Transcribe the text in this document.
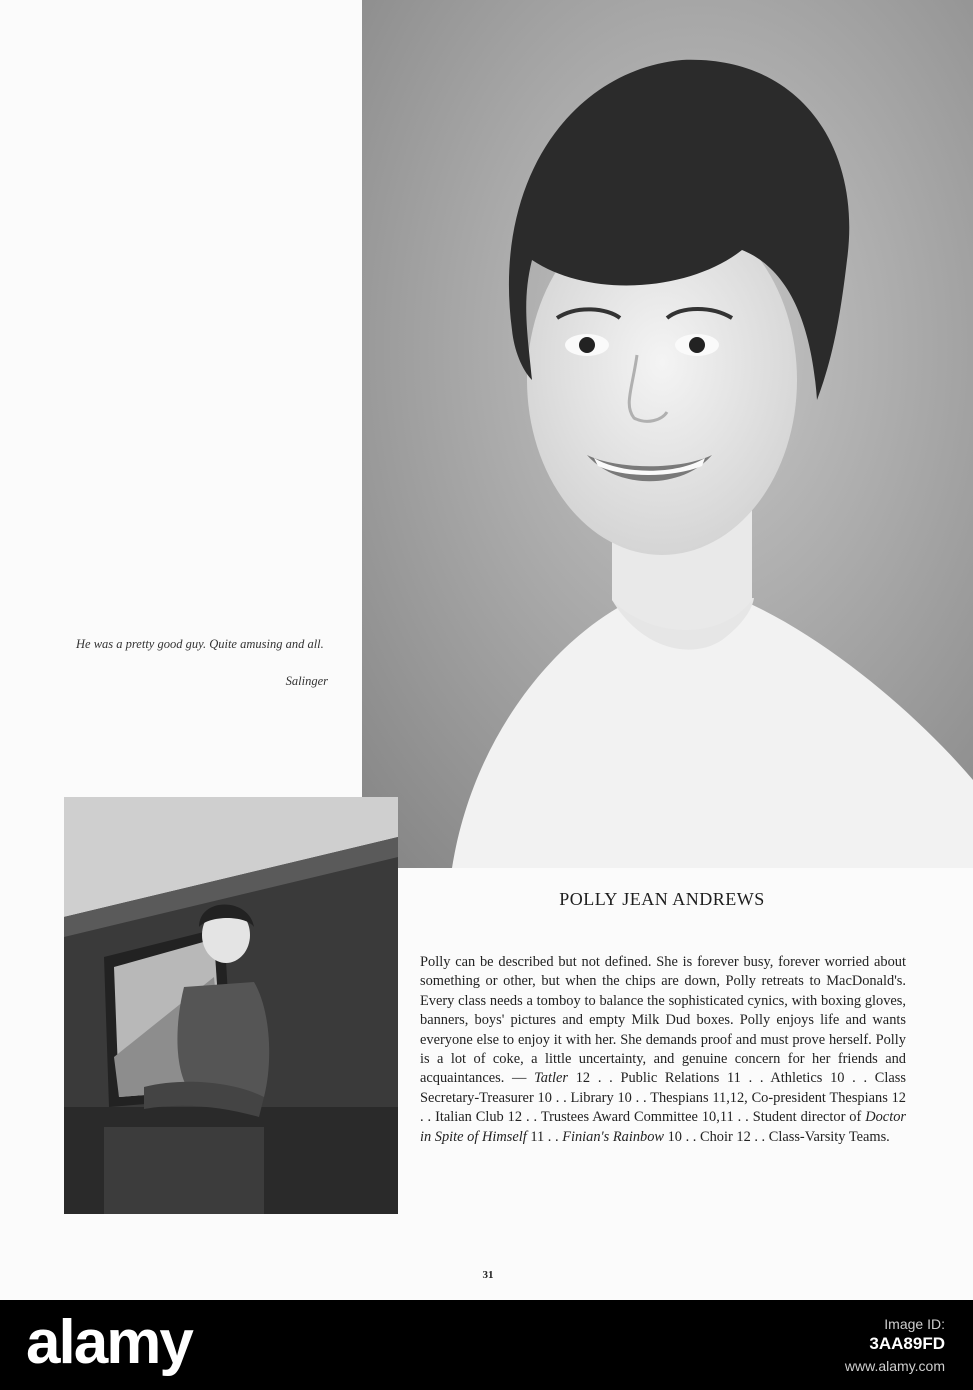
He was a pretty good guy. Quite amusing and all.
Salinger
POLLY JEAN ANDREWS
Polly can be described but not defined. She is forever busy, forever worried about something or other, but when the chips are down, Polly retreats to MacDonald's. Every class needs a tomboy to balance the sophisticated cynics, with boxing gloves, banners, boys' pictures and empty Milk Dud boxes. Polly enjoys life and wants everyone else to enjoy it with her. She demands proof and must prove herself. Polly is a lot of coke, a little uncertainty, and genuine concern for her friends and acquaintances. — Tatler 12 . . Public Relations 11 . . Athletics 10 . . Class Secretary-Treasurer 10 . . Library 10 . . Thespians 11,12, Co-president Thespians 12 . . Italian Club 12 . . Trustees Award Committee 10,11 . . Student director of Doctor in Spite of Himself 11 . . Finian's Rainbow 10 . . Choir 12 . . Class-Varsity Teams.
31
alamy	Image ID:
3AA89FD
www.alamy.com
